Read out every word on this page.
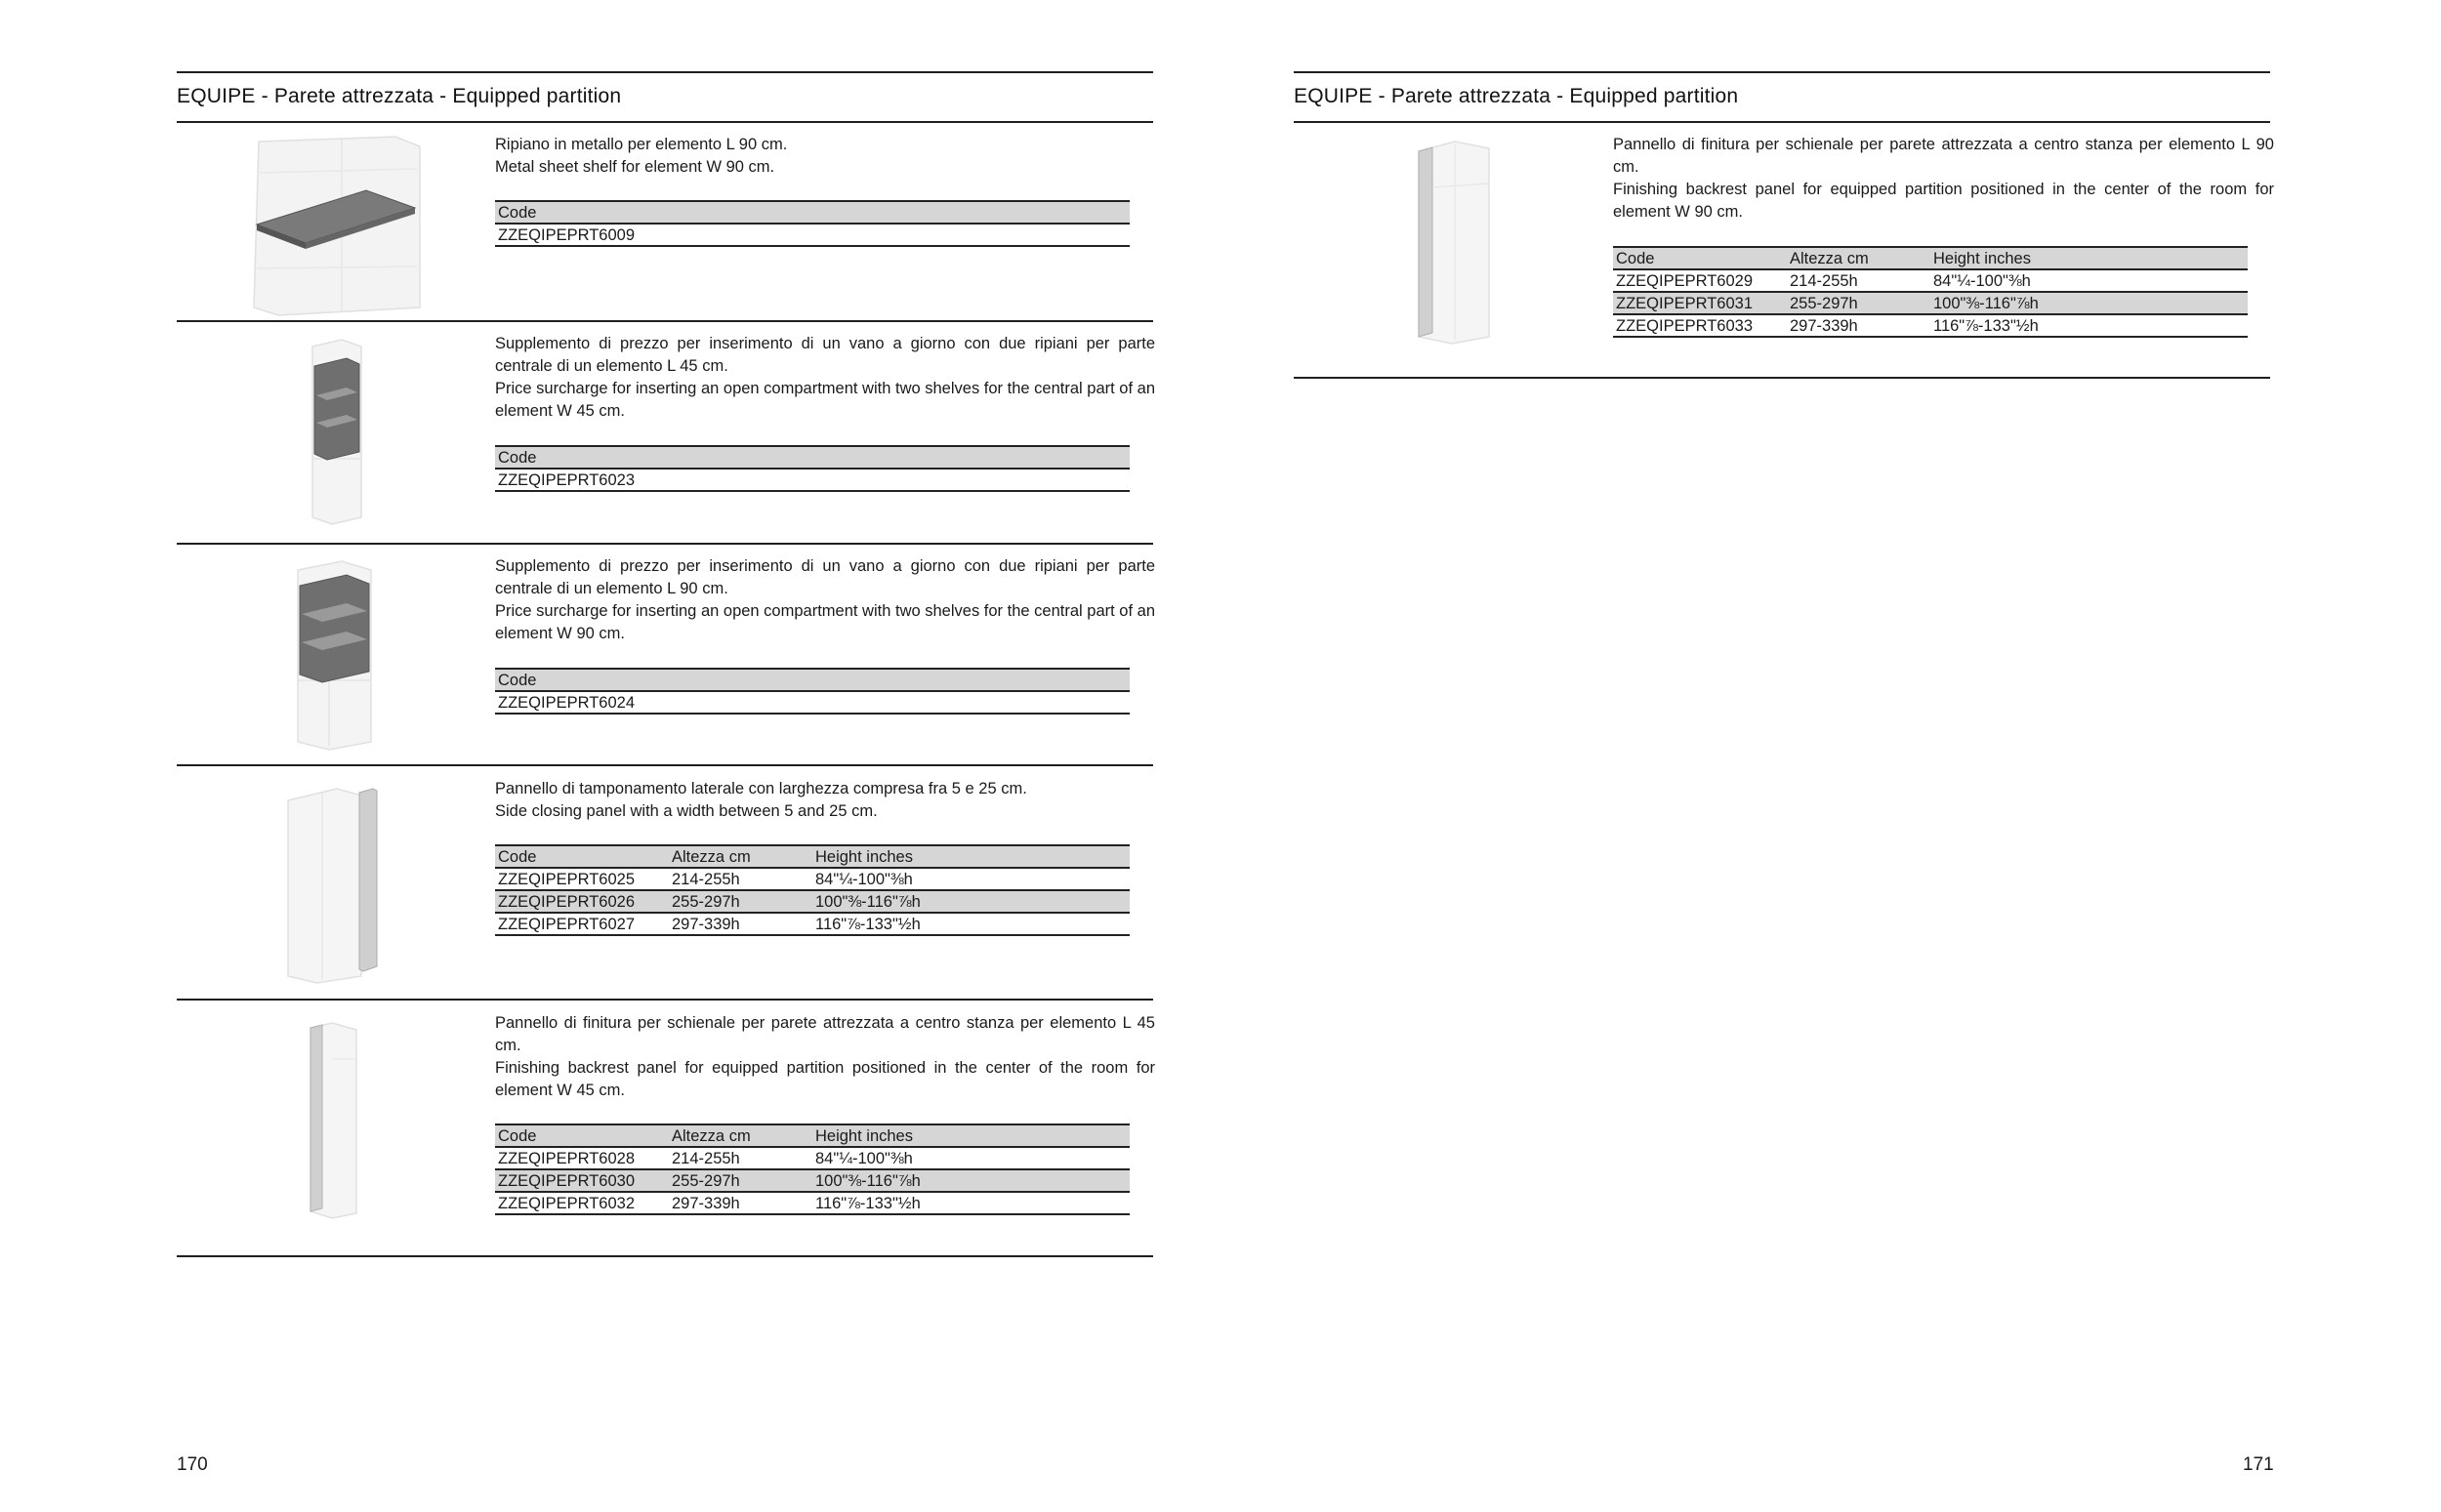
EQUIPE - Parete attrezzata - Equipped partition

Ripiano in metallo per elemento L 90 cm.

Metal sheet shelf for element W 90 cm.

Code
ZZEQIPEPRT6009

Supplemento di prezzo per inserimento di un vano a giorno con due ripiani per parte centrale di un elemento L 45 cm.

Price surcharge for inserting an open compartment with two shelves for the central part of an element W 45 cm.

Code
ZZEQIPEPRT6023

Supplemento di prezzo per inserimento di un vano a giorno con due ripiani per parte centrale di un elemento L 90 cm.

Price surcharge for inserting an open compartment with two shelves for the central part of an element W 90 cm.

Code
ZZEQIPEPRT6024

Pannello di tamponamento laterale con larghezza compresa fra 5 e 25 cm.

Side closing panel with a width between 5 and 25 cm.

Code	Altezza cm	Height inches
ZZEQIPEPRT6025	214-255h	84"¼-100"⅜h
ZZEQIPEPRT6026	255-297h	100"⅜-116"⅞h
ZZEQIPEPRT6027	297-339h	116"⅞-133"½h

Pannello di finitura per schienale per parete attrezzata a centro stanza per elemento L 45 cm.

Finishing backrest panel for equipped partition positioned in the center of the room for element W 45 cm.

Code	Altezza cm	Height inches
ZZEQIPEPRT6028	214-255h	84"¼-100"⅜h
ZZEQIPEPRT6030	255-297h	100"⅜-116"⅞h
ZZEQIPEPRT6032	297-339h	116"⅞-133"½h
170
EQUIPE - Parete attrezzata - Equipped partition

Pannello di finitura per schienale per parete attrezzata a centro stanza per elemento L 90 cm.

Finishing backrest panel for equipped partition positioned in the center of the room for element W 90 cm.

Code	Altezza cm	Height inches
ZZEQIPEPRT6029	214-255h	84"¼-100"⅜h
ZZEQIPEPRT6031	255-297h	100"⅜-116"⅞h
ZZEQIPEPRT6033	297-339h	116"⅞-133"½h
171
